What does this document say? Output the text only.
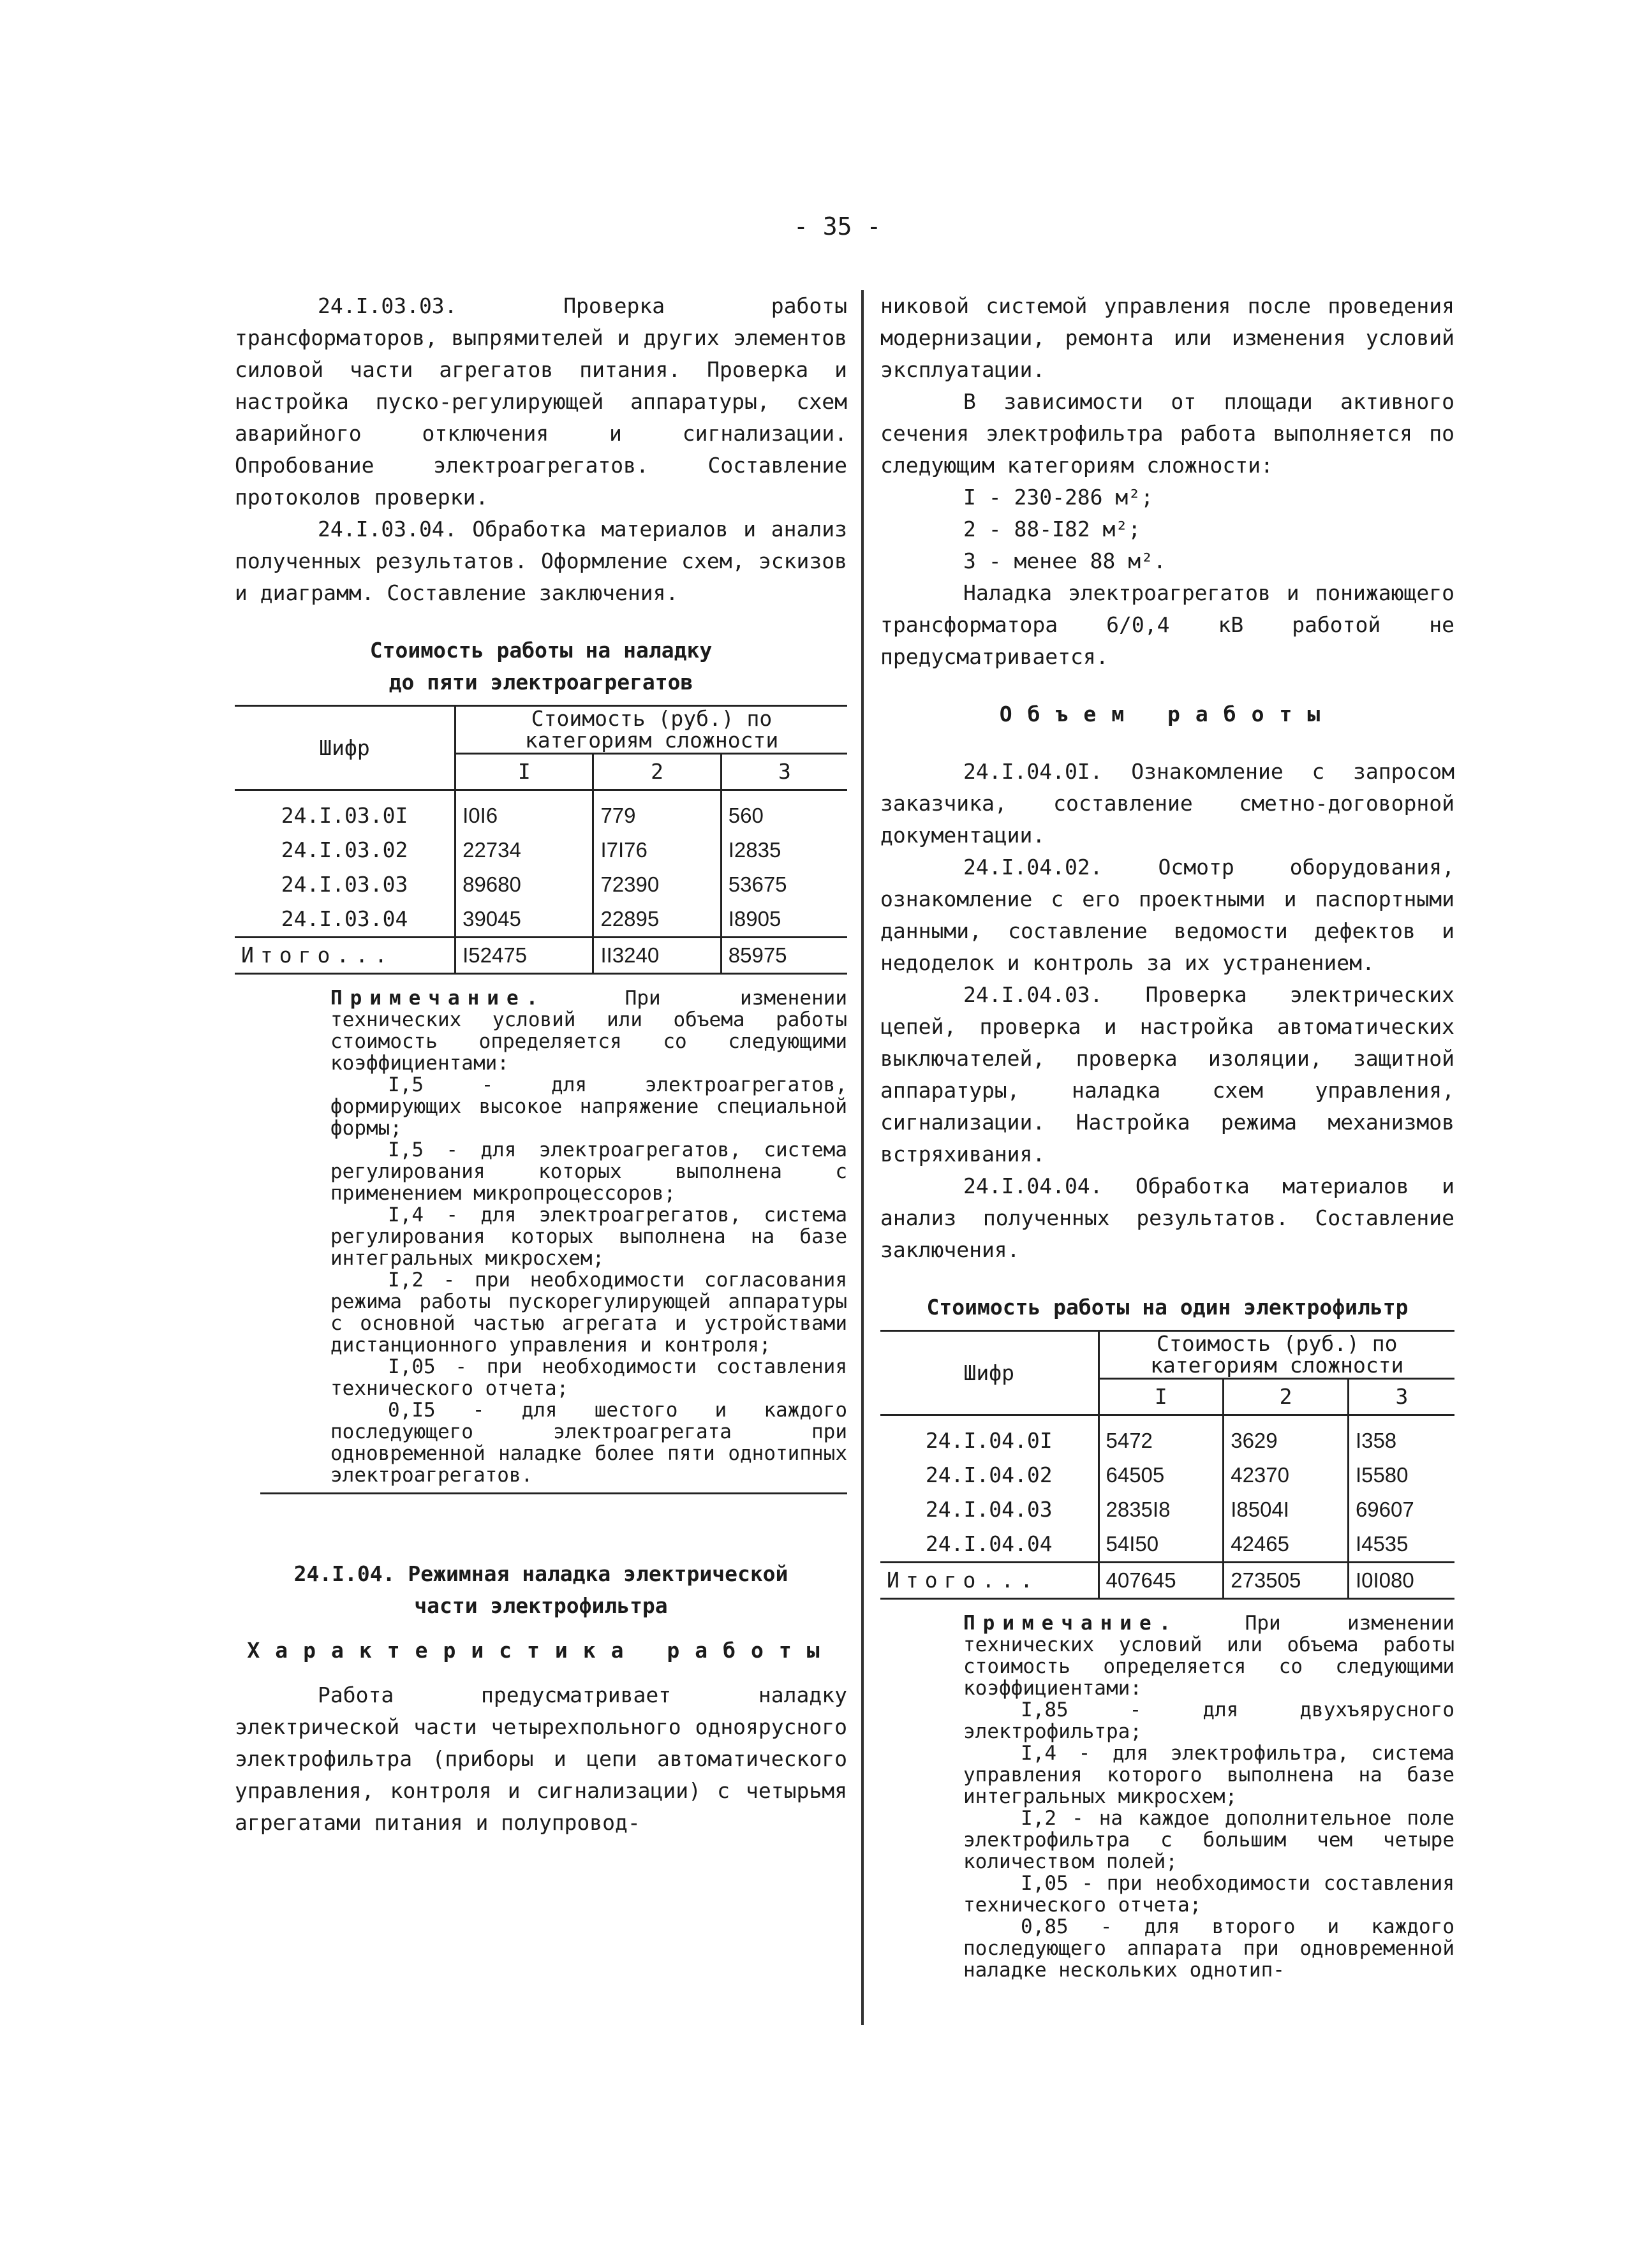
- 35 -

24.I.03.03. Проверка работы трансформаторов, выпрямителей и других элементов силовой части агрегатов питания. Проверка и настройка пуско-регулирующей аппаратуры, схем аварийного отключения и сигнализации. Опробование электроагрегатов. Составление протоколов проверки.

24.I.03.04. Обработка материалов и анализ полученных результатов. Оформление схем, эскизов и диаграмм. Составление заключения.

Стоимость работы на наладку

до пяти электроагрегатов

Шифр	Стоимость (руб.) по категориям сложности		
	I	2	3
24.I.03.0I	I0I6	779	560
24.I.03.02	22734	I7I76	I2835
24.I.03.03	89680	72390	53675
24.I.03.04	39045	22895	I8905
Итого...	I52475	II3240	85975

Примечание.	При изменении технических условий или объема работы стоимость определяется со следующими коэффициентами:

I,5 - для электроагрегатов, формирующих высокое напряжение специальной формы;

I,5 - для электроагрегатов, система регулирования которых выполнена с применением микропроцессоров;

I,4 - для электроагрегатов, система регулирования которых выполнена на базе интегральных микросхем;

I,2 - при необходимости согласования режима работы пускорегулирующей аппаратуры с основной частью агрегата и устройствами дистанционного управления и контроля;

I,05 - при необходимости составления технического отчета;

0,I5 - для шестого и каждого последующего электроагрегата при одновременной наладке более пяти однотипных электроагрегатов.

24.I.04. Режимная наладка электрической

части электрофильтра

Характеристика работы

Работа предусматривает наладку электрической части четырехпольного одноярусного электрофильтра (приборы и цепи автоматического управления, контроля и сигнализации) с четырьмя агрегатами питания и полупровод-

никовой системой управления после проведения модернизации, ремонта или изменения условий эксплуатации.

В зависимости от площади активного сечения электрофильтра работа выполняется по следующим категориям сложности:

I - 230-286 м²;

2 - 88-I82 м²;

3 - менее 88 м².

Наладка электроагрегатов и понижающего трансформатора 6/0,4 кВ работой не предусматривается.

Объем работы

24.I.04.0I. Ознакомление с запросом заказчика, составление сметно-договорной документации.

24.I.04.02. Осмотр оборудования, ознакомление с его проектными и паспортными данными, составление ведомости дефектов и недоделок и контроль за их устранением.

24.I.04.03. Проверка электрических цепей, проверка и настройка автоматических выключателей, проверка изоляции, защитной аппаратуры, наладка схем управления, сигнализации. Настройка режима механизмов встряхивания.

24.I.04.04. Обработка материалов и анализ полученных результатов. Составление заключения.

Стоимость работы на один электрофильтр

Шифр	Стоимость (руб.) по категориям сложности		
	I	2	3
24.I.04.0I	5472	3629	I358
24.I.04.02	64505	42370	I5580
24.I.04.03	2835I8	I8504I	69607
24.I.04.04	54I50	42465	I4535
Итого...	407645	273505	I0I080

Примечание.	При изменении технических условий или объема работы стоимость определяется со следующими коэффициентами:

I,85 - для двухъярусного электрофильтра;

I,4 - для электрофильтра, система управления которого выполнена на базе интегральных микросхем;

I,2 - на каждое дополнительное поле электрофильтра с большим чем четыре количеством полей;

I,05 - при необходимости составления технического отчета;

0,85 - для второго и каждого последующего аппарата при одновременной наладке нескольких однотип-
